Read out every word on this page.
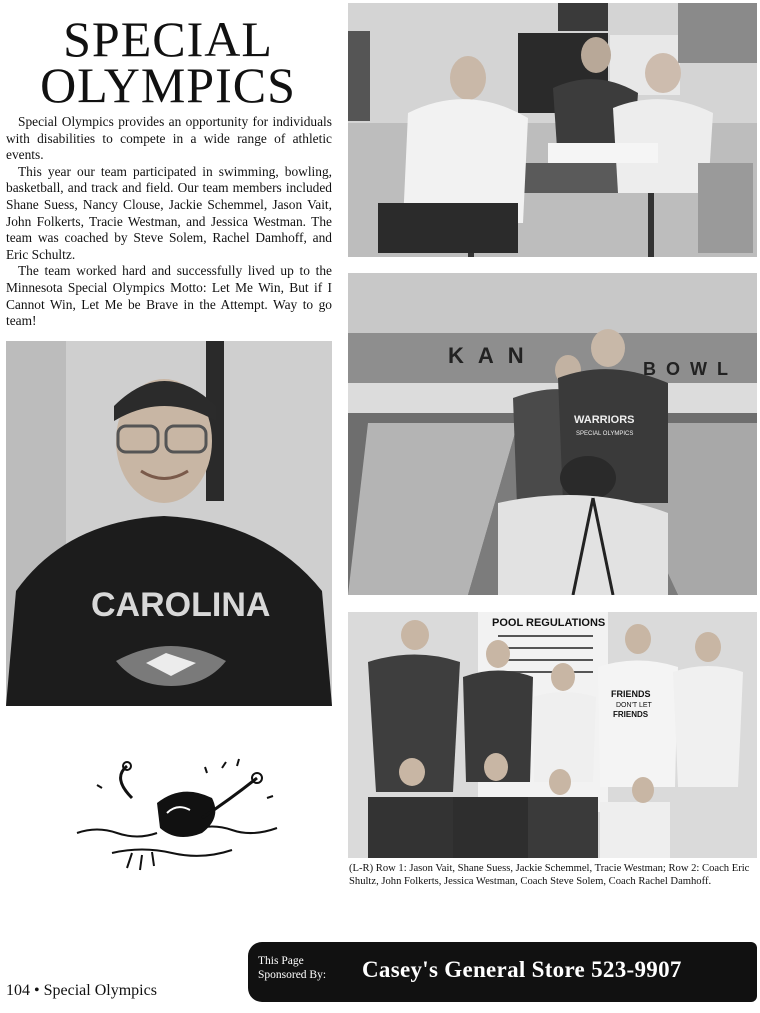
SPECIAL
OLYMPICS

Special Olympics provides an opportunity for individuals with disabilities to compete in a wide range of athletic events.

This year our team participated in swimming, bowling, basketball, and track and field. Our team members included Shane Suess, Nancy Clouse, Jackie Schemmel, Jason Vait, John Folkerts, Tracie Westman, and Jessica Westman. The team was coached by Steve Solem, Rachel Damhoff, and Eric Schultz.

The team worked hard and successfully lived up to the Minnesota Special Olympics Motto: Let Me Win, But if I Cannot Win, Let Me be Brave in the Attempt. Way to go team!

KAN
BOWL
WARRIORS
SPECIAL OLYMPICS
CAROLINA	POOL REGULATIONS
FRIENDS
DON'T LET
FRIENDS
(L-R) Row 1: Jason Vait, Shane Suess, Jackie Schemmel, Tracie Westman; Row 2: Coach Eric Shultz, John Folkerts, Jessica Westman, Coach Steve Solem, Coach Rachel Damhoff.
104 • Special Olympics
This Page
Sponsored By: Casey's General Store 523-9907
